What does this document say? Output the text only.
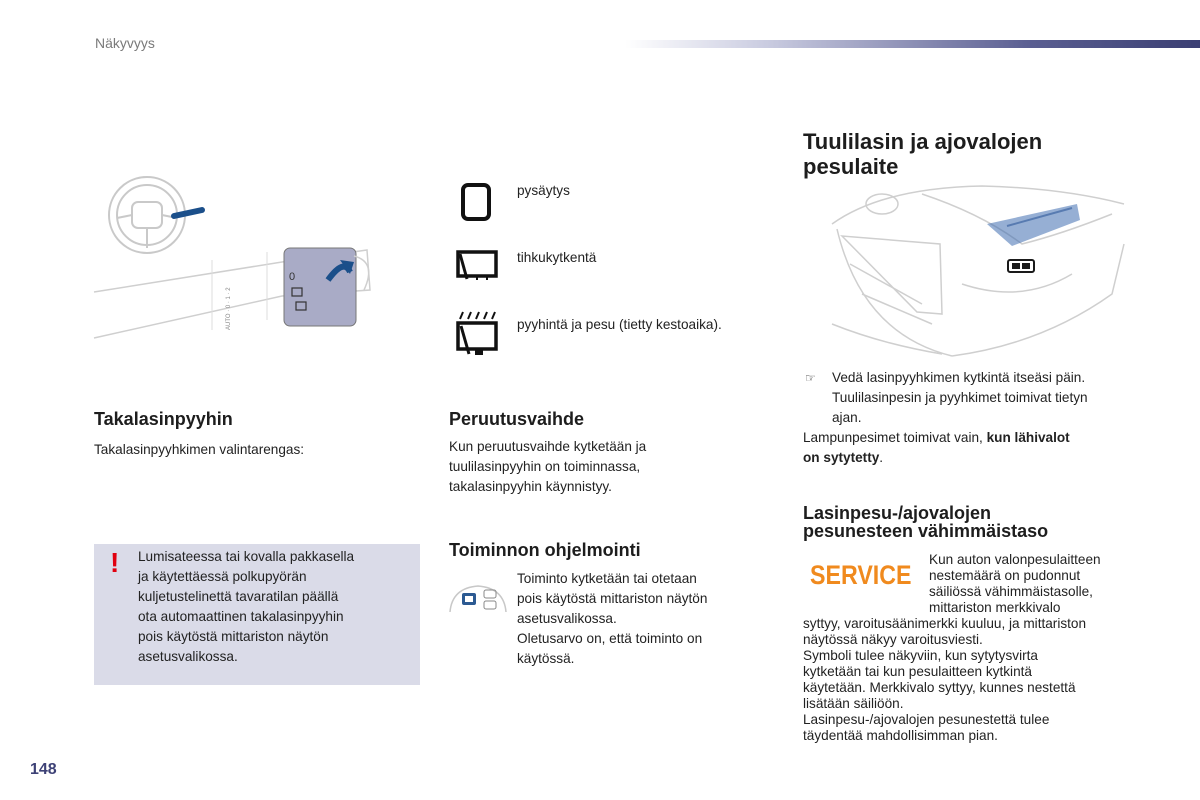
Näkyvyys
0
AUTO · 0 · 1 · 2
pysäytys
tihkukytkentä
pyyhintä ja pesu (tietty kestoaika).
Takalasinpyyhin
Takalasinpyyhkimen valintarengas:
! Lumisateessa tai kovalla pakkasella
ja käytettäessä polkupyörän
kuljetustelinettä tavaratilan päällä
ota automaattinen takalasinpyyhin
pois käytöstä mittariston näytön
asetusvalikossa.
Peruutusvaihde
Kun peruutusvaihde kytketään ja
tuulilasinpyyhin on toiminnassa,
takalasinpyyhin käynnistyy.
Toiminnon ohjelmointi
Toiminto kytketään tai otetaan
pois käytöstä mittariston näytön
asetusvalikossa.
Oletusarvo on, että toiminto on
käytössä.
Tuulilasin ja ajovalojen
pesulaite
☞ Vedä lasinpyyhkimen kytkintä itseäsi päin.
Tuulilasinpesin ja pyyhkimet toimivat tietyn
ajan.
Lampunpesimet toimivat vain, kun lähivalot
on sytytetty.
Lasinpesu-/ajovalojen
pesunesteen vähimmäistaso
SERVICE
Kun auton valonpesulaitteen
nestemäärä on pudonnut
säiliössä vähimmäistasolle,
mittariston merkkivalo
syttyy, varoitusäänimerkki kuuluu, ja mittariston
näytössä näkyy varoitusviesti.
Symboli tulee näkyviin, kun sytytysvirta
kytketään tai kun pesulaitteen kytkintä
käytetään. Merkkivalo syttyy, kunnes nestettä
lisätään säiliöön.
Lasinpesu-/ajovalojen pesunestettä tulee
täydentää mahdollisimman pian.
148
